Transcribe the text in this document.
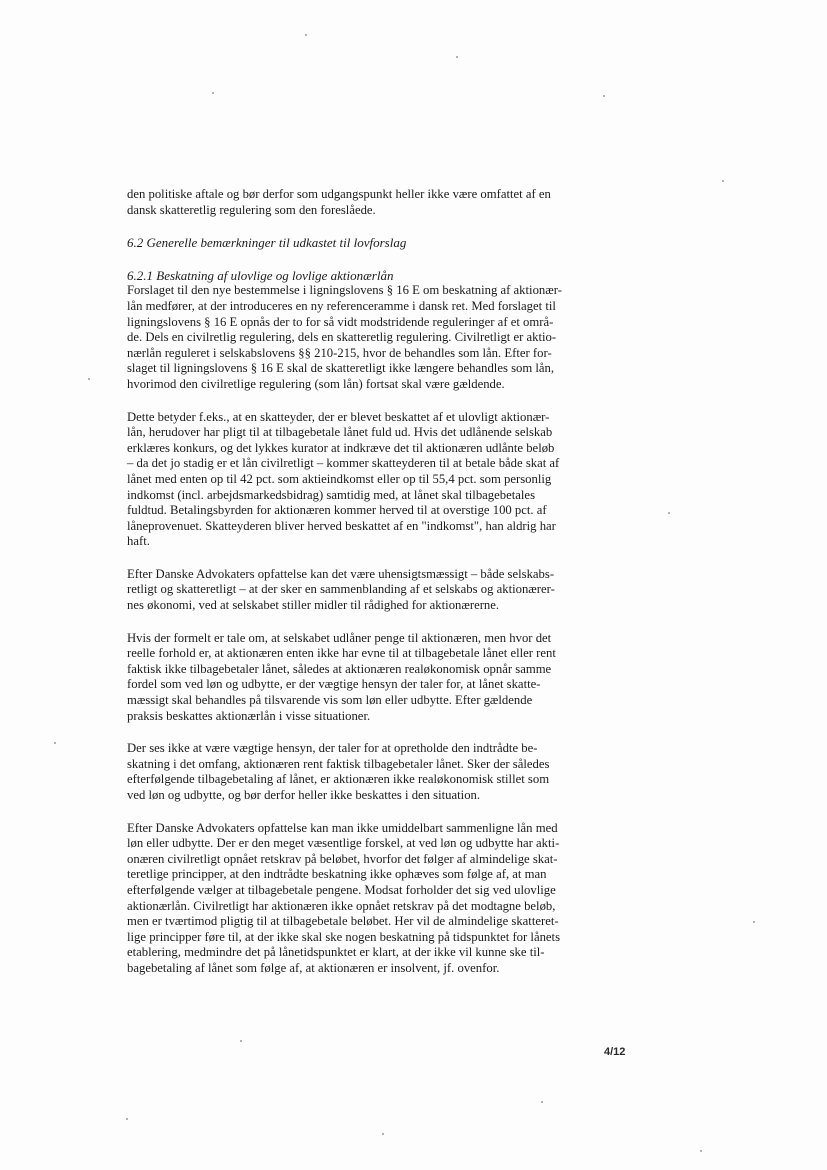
den politiske aftale og bør derfor som udgangspunkt heller ikke være omfattet af en
dansk skatteretlig regulering som den foreslåede.

6.2 Generelle bemærkninger til udkastet til lovforslag

6.2.1 Beskatning af ulovlige og lovlige aktionærlån

Forslaget til den nye bestemmelse i ligningslovens § 16 E om beskatning af aktionær-
lån medfører, at der introduceres en ny referenceramme i dansk ret. Med forslaget til
ligningslovens § 16 E opnås der to for så vidt modstridende reguleringer af et områ-
de. Dels en civilretlig regulering, dels en skatteretlig regulering. Civilretligt er aktio-
nærlån reguleret i selskabslovens §§ 210-215, hvor de behandles som lån. Efter for-
slaget til ligningslovens § 16 E skal de skatteretligt ikke længere behandles som lån,
hvorimod den civilretlige regulering (som lån) fortsat skal være gældende.

Dette betyder f.eks., at en skatteyder, der er blevet beskattet af et ulovligt aktionær-
lån, herudover har pligt til at tilbagebetale lånet fuld ud. Hvis det udlånende selskab
erklæres konkurs, og det lykkes kurator at indkræve det til aktionæren udlånte beløb
– da det jo stadig er et lån civilretligt – kommer skatteyderen til at betale både skat af
lånet med enten op til 42 pct. som aktieindkomst eller op til 55,4 pct. som personlig
indkomst (incl. arbejdsmarkedsbidrag) samtidig med, at lånet skal tilbagebetales
fuldtud. Betalingsbyrden for aktionæren kommer herved til at overstige 100 pct. af
låneprovenuet. Skatteyderen bliver herved beskattet af en "indkomst", han aldrig har
haft.

Efter Danske Advokaters opfattelse kan det være uhensigtsmæssigt – både selskabs-
retligt og skatteretligt – at der sker en sammenblanding af et selskabs og aktionærer-
nes økonomi, ved at selskabet stiller midler til rådighed for aktionærerne.

Hvis der formelt er tale om, at selskabet udlåner penge til aktionæren, men hvor det
reelle forhold er, at aktionæren enten ikke har evne til at tilbagebetale lånet eller rent
faktisk ikke tilbagebetaler lånet, således at aktionæren realøkonomisk opnår samme
fordel som ved løn og udbytte, er der vægtige hensyn der taler for, at lånet skatte-
mæssigt skal behandles på tilsvarende vis som løn eller udbytte. Efter gældende
praksis beskattes aktionærlån i visse situationer.

Der ses ikke at være vægtige hensyn, der taler for at opretholde den indtrådte be-
skatning i det omfang, aktionæren rent faktisk tilbagebetaler lånet. Sker der således
efterfølgende tilbagebetaling af lånet, er aktionæren ikke realøkonomisk stillet som
ved løn og udbytte, og bør derfor heller ikke beskattes i den situation.

Efter Danske Advokaters opfattelse kan man ikke umiddelbart sammenligne lån med
løn eller udbytte. Der er den meget væsentlige forskel, at ved løn og udbytte har akti-
onæren civilretligt opnået retskrav på beløbet, hvorfor det følger af almindelige skat-
teretlige principper, at den indtrådte beskatning ikke ophæves som følge af, at man
efterfølgende vælger at tilbagebetale pengene. Modsat forholder det sig ved ulovlige
aktionærlån. Civilretligt har aktionæren ikke opnået retskrav på det modtagne beløb,
men er tværtimod pligtig til at tilbagebetale beløbet. Her vil de almindelige skatteret-
lige principper føre til, at der ikke skal ske nogen beskatning på tidspunktet for lånets
etablering, medmindre det på lånetidspunktet er klart, at der ikke vil kunne ske til-
bagebetaling af lånet som følge af, at aktionæren er insolvent, jf. ovenfor.

4/12
